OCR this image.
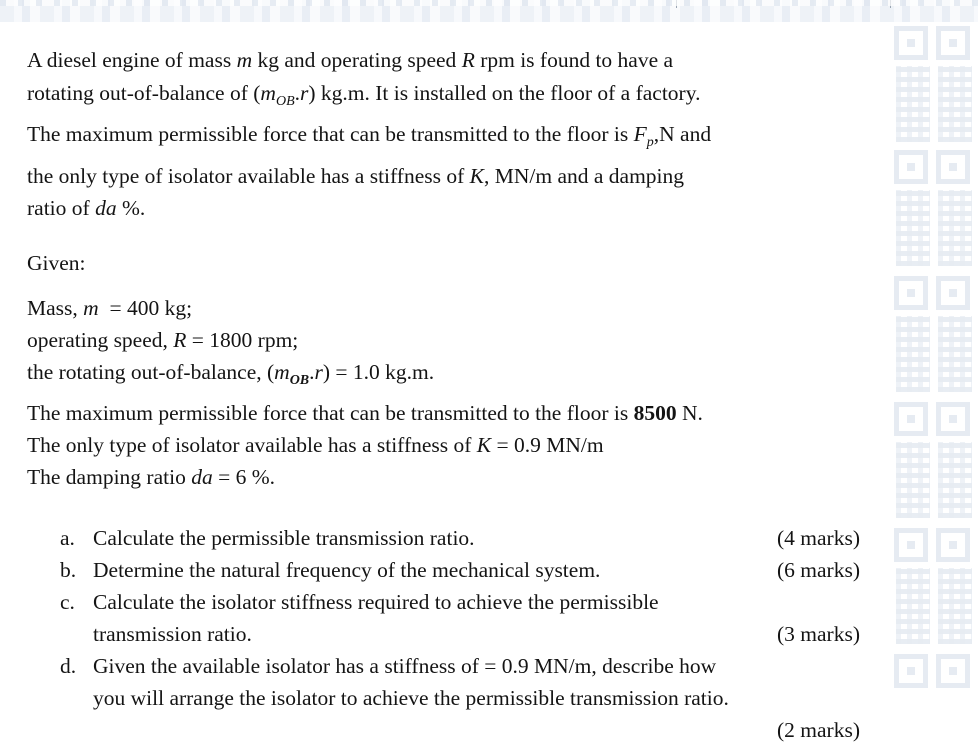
A diesel engine of mass m kg and operating speed R rpm is found to have a

rotating out-of-balance of $(m_{OB}.r)$ kg.m. It is installed on the floor of a factory.

The maximum permissible force that can be transmitted to the floor is $F_p,N$ and

the only type of isolator available has a stiffness of K, MN/m and a damping

ratio of da %.

Given:

Mass, m  = 400 kg;
operating speed, R = 1800 rpm;
the rotating out-of-balance, $(m_{OB}.r) = 1.0$ kg.m.
The maximum permissible force that can be transmitted to the floor is 8500 N.
The only type of isolator available has a stiffness of K = 0.9 MN/m
The damping ratio da = 6 %.
a. Calculate the permissible transmission ratio.	(4 marks)
b. Determine the natural frequency of the mechanical system.	(6 marks)
c. Calculate the isolator stiffness required to achieve the permissible
transmission ratio.	(3 marks)
d. Given the available isolator has a stiffness of = 0.9 MN/m, describe how
you will arrange the isolator to achieve the permissible transmission ratio.
(2 marks)
